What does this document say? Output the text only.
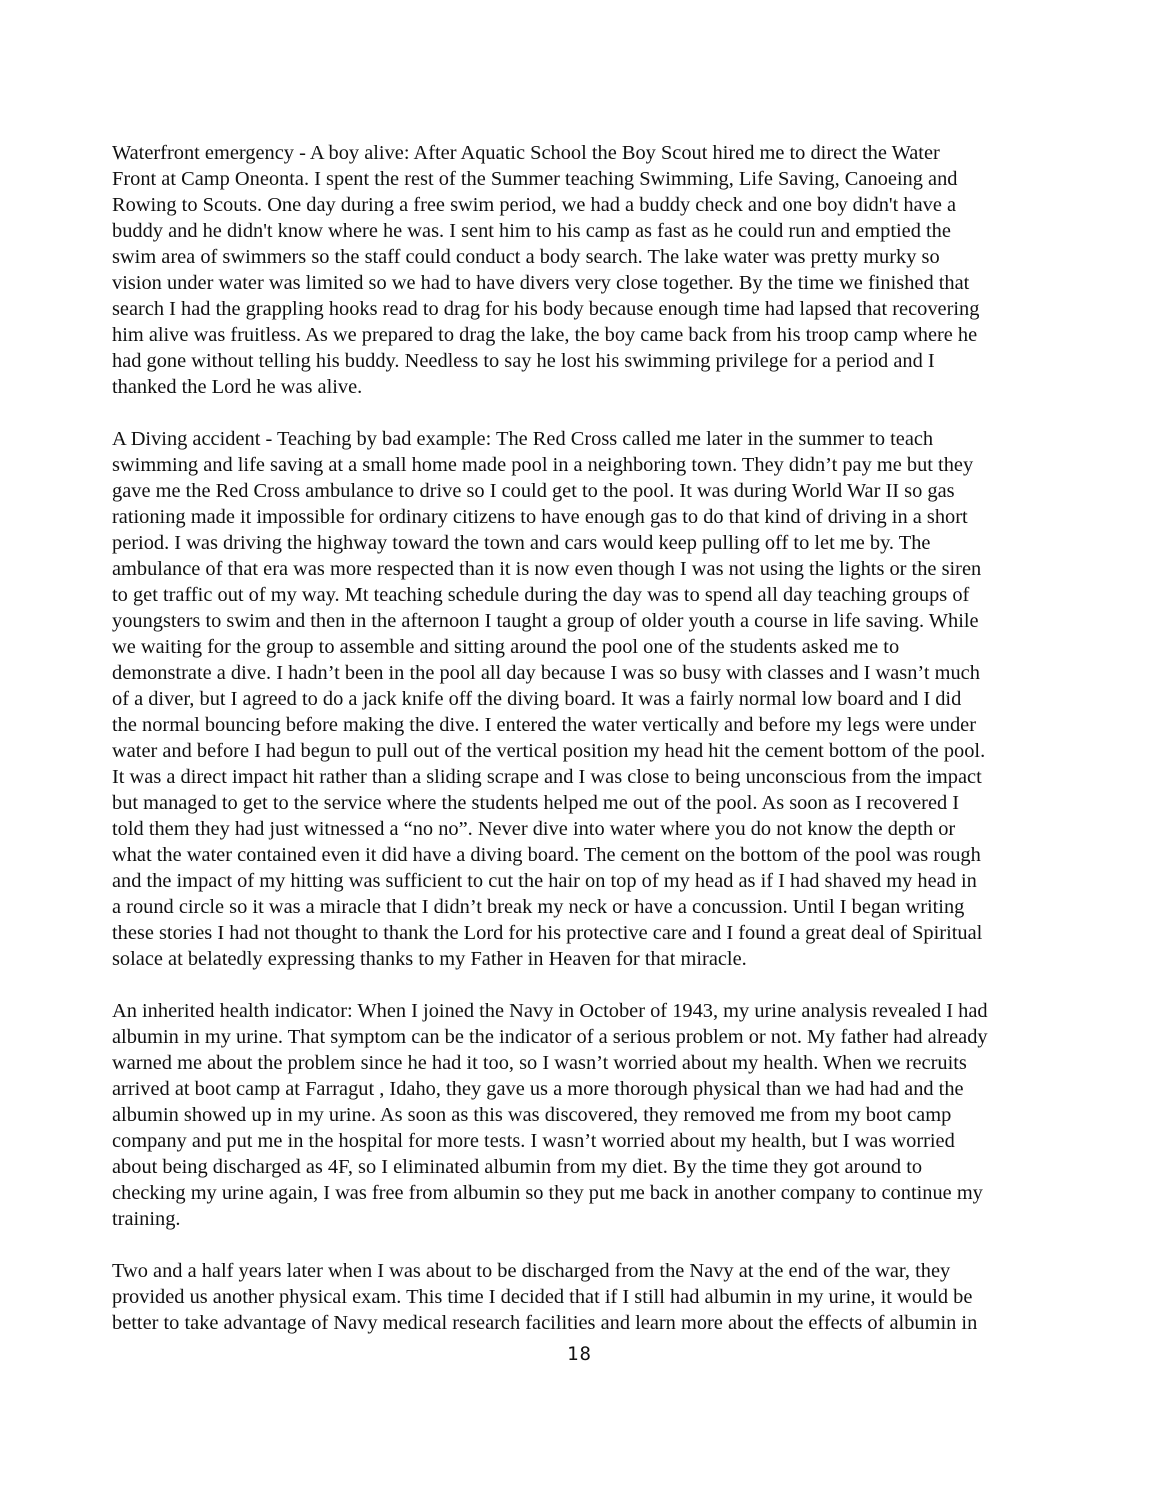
Waterfront emergency - A boy alive: After Aquatic School the Boy Scout hired me to direct the Water
Front at Camp Oneonta. I spent the rest of the Summer teaching Swimming, Life Saving, Canoeing and
Rowing to Scouts. One day during a free swim period, we had a buddy check and one boy didn't have a
buddy and he didn't know where he was. I sent him to his camp as fast as he could run and emptied the
swim area of swimmers so the staff could conduct a body search. The lake water was pretty murky so
vision under water was limited so we had to have divers very close together. By the time we finished that
search I had the grappling hooks read to drag for his body because enough time had lapsed that recovering
him alive was fruitless. As we prepared to drag the lake, the boy came back from his troop camp where he
had gone without telling his buddy. Needless to say he lost his swimming privilege for a period and I
thanked the Lord he was alive.

A Diving accident - Teaching by bad example: The Red Cross called me later in the summer to teach
swimming and life saving at a small home made pool in a neighboring town. They didn’t pay me but they
gave me the Red Cross ambulance to drive so I could get to the pool. It was during World War II so gas
rationing made it impossible for ordinary citizens to have enough gas to do that kind of driving in a short
period. I was driving the highway toward the town and cars would keep pulling off to let me by. The
ambulance of that era was more respected than it is now even though I was not using the lights or the siren
to get traffic out of my way. Mt teaching schedule during the day was to spend all day teaching groups of
youngsters to swim and then in the afternoon I taught a group of older youth a course in life saving. While
we waiting for the group to assemble and sitting around the pool one of the students asked me to
demonstrate a dive. I hadn’t been in the pool all day because I was so busy with classes and I wasn’t much
of a diver, but I agreed to do a jack knife off the diving board. It was a fairly normal low board and I did
the normal bouncing before making the dive. I entered the water vertically and before my legs were under
water and before I had begun to pull out of the vertical position my head hit the cement bottom of the pool.
It was a direct impact hit rather than a sliding scrape and I was close to being unconscious from the impact
but managed to get to the service where the students helped me out of the pool. As soon as I recovered I
told them they had just witnessed a “no no”. Never dive into water where you do not know the depth or
what the water contained even it did have a diving board. The cement on the bottom of the pool was rough
and the impact of my hitting was sufficient to cut the hair on top of my head as if I had shaved my head in
a round circle so it was a miracle that I didn’t break my neck or have a concussion. Until I began writing
these stories I had not thought to thank the Lord for his protective care and I found a great deal of Spiritual
solace at belatedly expressing thanks to my Father in Heaven for that miracle.

An inherited health indicator: When I joined the Navy in October of 1943, my urine analysis revealed I had
albumin in my urine. That symptom can be the indicator of a serious problem or not. My father had already
warned me about the problem since he had it too, so I wasn’t worried about my health. When we recruits
arrived at boot camp at Farragut , Idaho, they gave us a more thorough physical than we had had and the
albumin showed up in my urine. As soon as this was discovered, they removed me from my boot camp
company and put me in the hospital for more tests. I wasn’t worried about my health, but I was worried
about being discharged as 4F, so I eliminated albumin from my diet. By the time they got around to
checking my urine again, I was free from albumin so they put me back in another company to continue my
training.

Two and a half years later when I was about to be discharged from the Navy at the end of the war, they
provided us another physical exam. This time I decided that if I still had albumin in my urine, it would be
better to take advantage of Navy medical research facilities and learn more about the effects of albumin in

18
